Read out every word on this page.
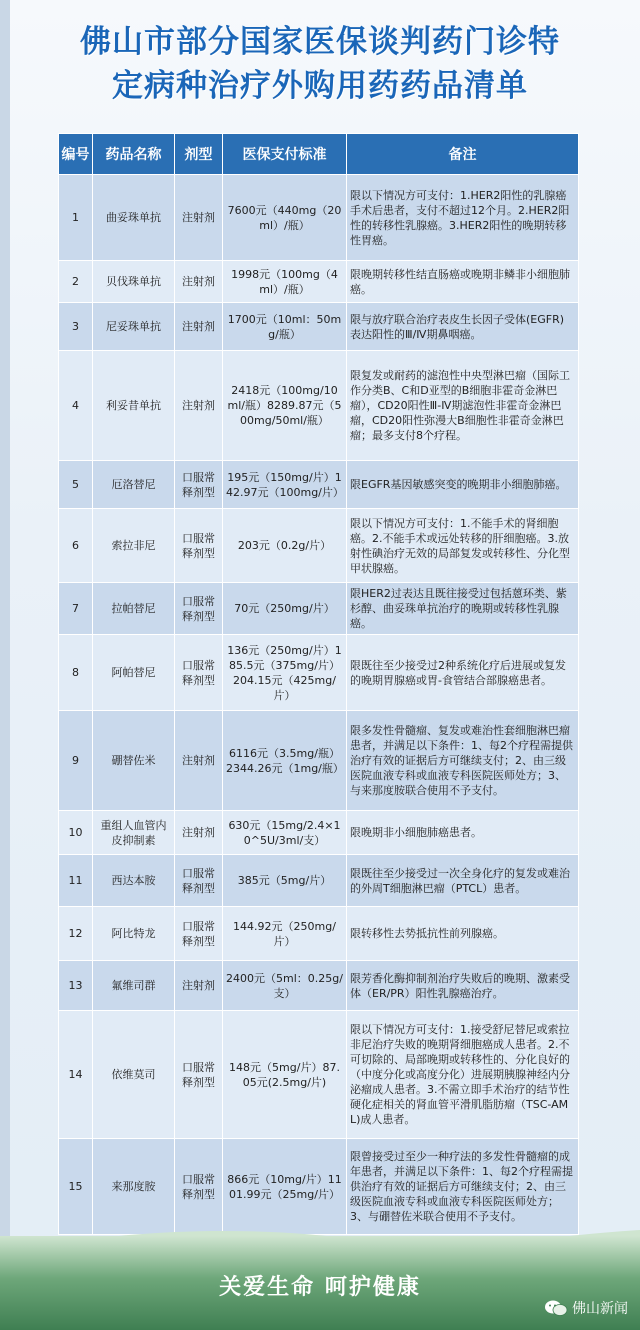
佛山市部分国家医保谈判药门诊特
定病种治疗外购用药药品清单
编号	药品名称	剂型	医保支付标准	备注
1	曲妥珠单抗	注射剂	7600元（440mg（20ml）/瓶）	限以下情况方可支付：1.HER2阳性的乳腺癌手术后患者，支付不超过12个月。2.HER2阳性的转移性乳腺癌。3.HER2阳性的晚期转移性胃癌。
2	贝伐珠单抗	注射剂	1998元（100mg（4ml）/瓶）	限晚期转移性结直肠癌或晚期非鳞非小细胞肺癌。
3	尼妥珠单抗	注射剂	1700元（10ml：50mg/瓶）	限与放疗联合治疗表皮生长因子受体(EGFR)表达阳性的Ⅲ/Ⅳ期鼻咽癌。
4	利妥昔单抗	注射剂	2418元（100mg/10ml/瓶）8289.87元（500mg/50ml/瓶）	限复发或耐药的滤泡性中央型淋巴瘤（国际工作分类B、C和D亚型的B细胞非霍奇金淋巴瘤），CD20阳性Ⅲ-Ⅳ期滤泡性非霍奇金淋巴瘤，CD20阳性弥漫大B细胞性非霍奇金淋巴瘤；最多支付8个疗程。
5	厄洛替尼	口服常释剂型	195元（150mg/片）142.97元（100mg/片）	限EGFR基因敏感突变的晚期非小细胞肺癌。
6	索拉非尼	口服常释剂型	203元（0.2g/片）	限以下情况方可支付：1.不能手术的肾细胞癌。2.不能手术或远处转移的肝细胞癌。3.放射性碘治疗无效的局部复发或转移性、分化型甲状腺癌。
7	拉帕替尼	口服常释剂型	70元（250mg/片）	限HER2过表达且既往接受过包括蒽环类、紫杉醇、曲妥珠单抗治疗的晚期或转移性乳腺癌。
8	阿帕替尼	口服常释剂型	136元（250mg/片）185.5元（375mg/片）204.15元（425mg/片）	限既往至少接受过2种系统化疗后进展或复发的晚期胃腺癌或胃-食管结合部腺癌患者。
9	硼替佐米	注射剂	6116元（3.5mg/瓶）2344.26元（1mg/瓶）	限多发性骨髓瘤、复发或难治性套细胞淋巴瘤患者，并满足以下条件：1、每2个疗程需提供治疗有效的证据后方可继续支付；2、由三级医院血液专科或血液专科医院医师处方；3、与来那度胺联合使用不予支付。
10	重组人血管内皮抑制素	注射剂	630元（15mg/2.4×10^5U/3ml/支）	限晚期非小细胞肺癌患者。
11	西达本胺	口服常释剂型	385元（5mg/片）	限既往至少接受过一次全身化疗的复发或难治的外周T细胞淋巴瘤（PTCL）患者。
12	阿比特龙	口服常释剂型	144.92元（250mg/片）	限转移性去势抵抗性前列腺癌。
13	氟维司群	注射剂	2400元（5ml：0.25g/支）	限芳香化酶抑制剂治疗失败后的晚期、激素受体（ER/PR）阳性乳腺癌治疗。
14	依维莫司	口服常释剂型	148元（5mg/片）87.05元(2.5mg/片)	限以下情况方可支付：1.接受舒尼替尼或索拉非尼治疗失败的晚期肾细胞癌成人患者。2.不可切除的、局部晚期或转移性的、分化良好的（中度分化或高度分化）进展期胰腺神经内分泌瘤成人患者。3.不需立即手术治疗的结节性硬化症相关的肾血管平滑肌脂肪瘤（TSC-AML)成人患者。
15	来那度胺	口服常释剂型	866元（10mg/片）1101.99元（25mg/片）	限曾接受过至少一种疗法的多发性骨髓瘤的成年患者，并满足以下条件：1、每2个疗程需提供治疗有效的证据后方可继续支付；2、由三级医院血液专科或血液专科医院医师处方；3、与硼替佐米联合使用不予支付。
关爱生命 呵护健康
佛山新闻
